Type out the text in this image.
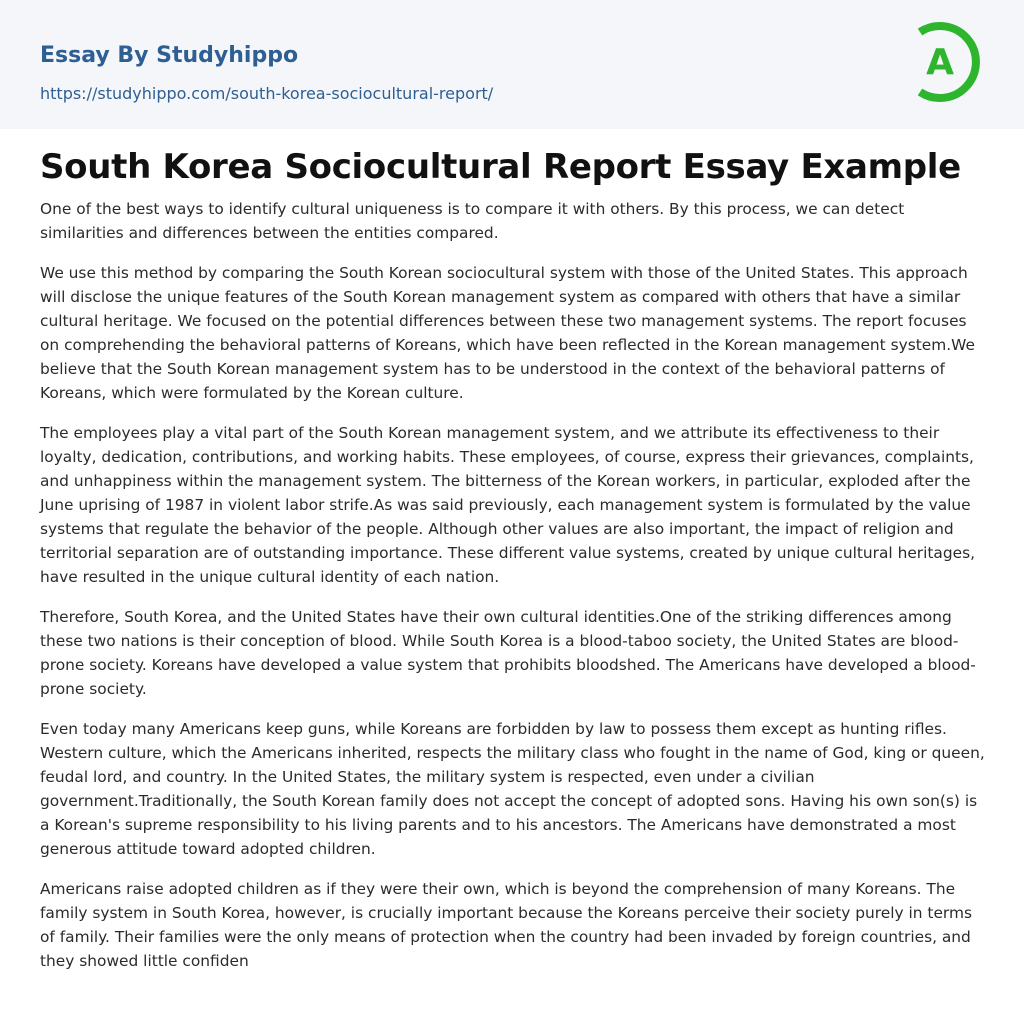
Essay By Studyhippo
https://studyhippo.com/south-korea-sociocultural-report/
A
South Korea Sociocultural Report Essay Example

One of the best ways to identify cultural uniqueness is to compare it with others. By this process, we can detect similarities and differences between the entities compared.

We use this method by comparing the South Korean sociocultural system with those of the United States. This approach will disclose the unique features of the South Korean management system as compared with others that have a similar cultural heritage. We focused on the potential differences between these two management systems. The report focuses on comprehending the behavioral patterns of Koreans, which have been reflected in the Korean management system.We believe that the South Korean management system has to be understood in the context of the behavioral patterns of Koreans, which were formulated by the Korean culture.

The employees play a vital part of the South Korean management system, and we attribute its effectiveness to their loyalty, dedication, contributions, and working habits. These employees, of course, express their grievances, complaints, and unhappiness within the management system. The bitterness of the Korean workers, in particular, exploded after the June uprising of 1987 in violent labor strife.As was said previously, each management system is formulated by the value systems that regulate the behavior of the people. Although other values are also important, the impact of religion and territorial separation are of outstanding importance. These different value systems, created by unique cultural heritages, have resulted in the unique cultural identity of each nation.

Therefore, South Korea, and the United States have their own cultural identities.One of the striking differences among these two nations is their conception of blood. While South Korea is a blood-taboo society, the United States are blood-prone society. Koreans have developed a value system that prohibits bloodshed. The Americans have developed a blood-prone society.

Even today many Americans keep guns, while Koreans are forbidden by law to possess them except as hunting rifles. Western culture, which the Americans inherited, respects the military class who fought in the name of God, king or queen, feudal lord, and country. In the United States, the military system is respected, even under a civilian government.Traditionally, the South Korean family does not accept the concept of adopted sons. Having his own son(s) is a Korean's supreme responsibility to his living parents and to his ancestors. The Americans have demonstrated a most generous attitude toward adopted children.

Americans raise adopted children as if they were their own, which is beyond the comprehension of many Koreans. The family system in South Korea, however, is crucially important because the Koreans perceive their society purely in terms of family. Their families were the only means of protection when the country had been invaded by foreign countries, and they showed little confiden
